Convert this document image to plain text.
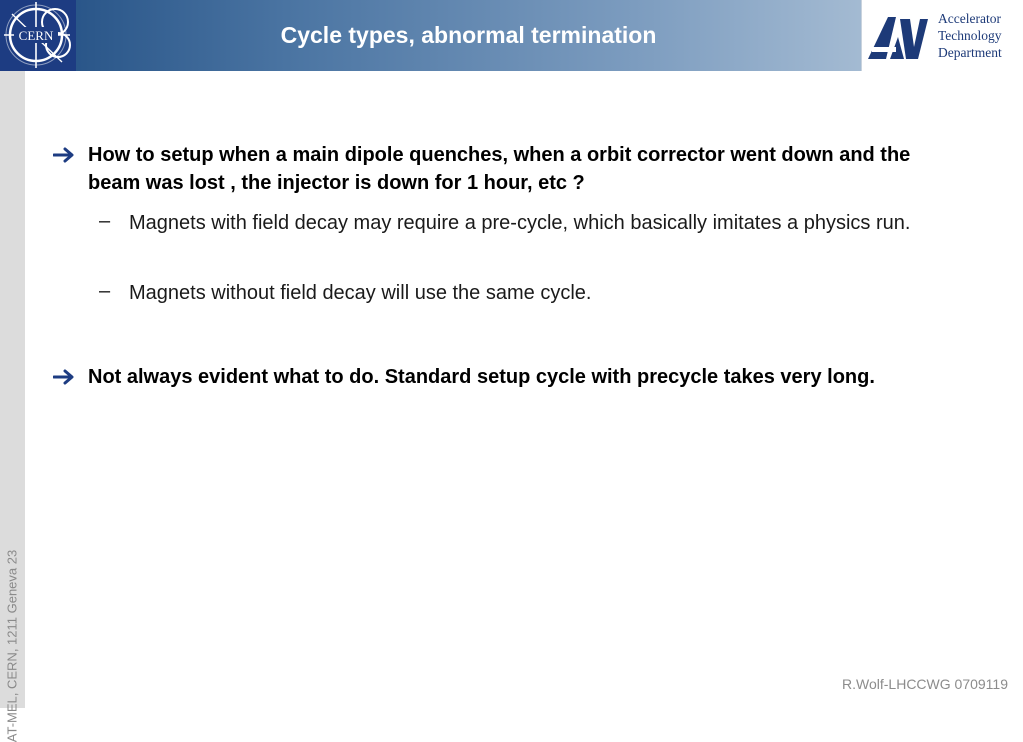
CERN	Cycle types, abnormal termination
Accelerator
Technology
Department
AT-MEL, CERN, 1211 Geneva 23
How to setup when a main dipole quenches, when a orbit corrector went down and the beam was lost , the injector is down for 1 hour, etc ?
– Magnets with field decay may require a pre-cycle, which basically imitates a physics run.
– Magnets without field decay will use the same cycle.
Not always evident what to do. Standard setup cycle with precycle takes very long.
R.Wolf-LHCCWG 0709119
